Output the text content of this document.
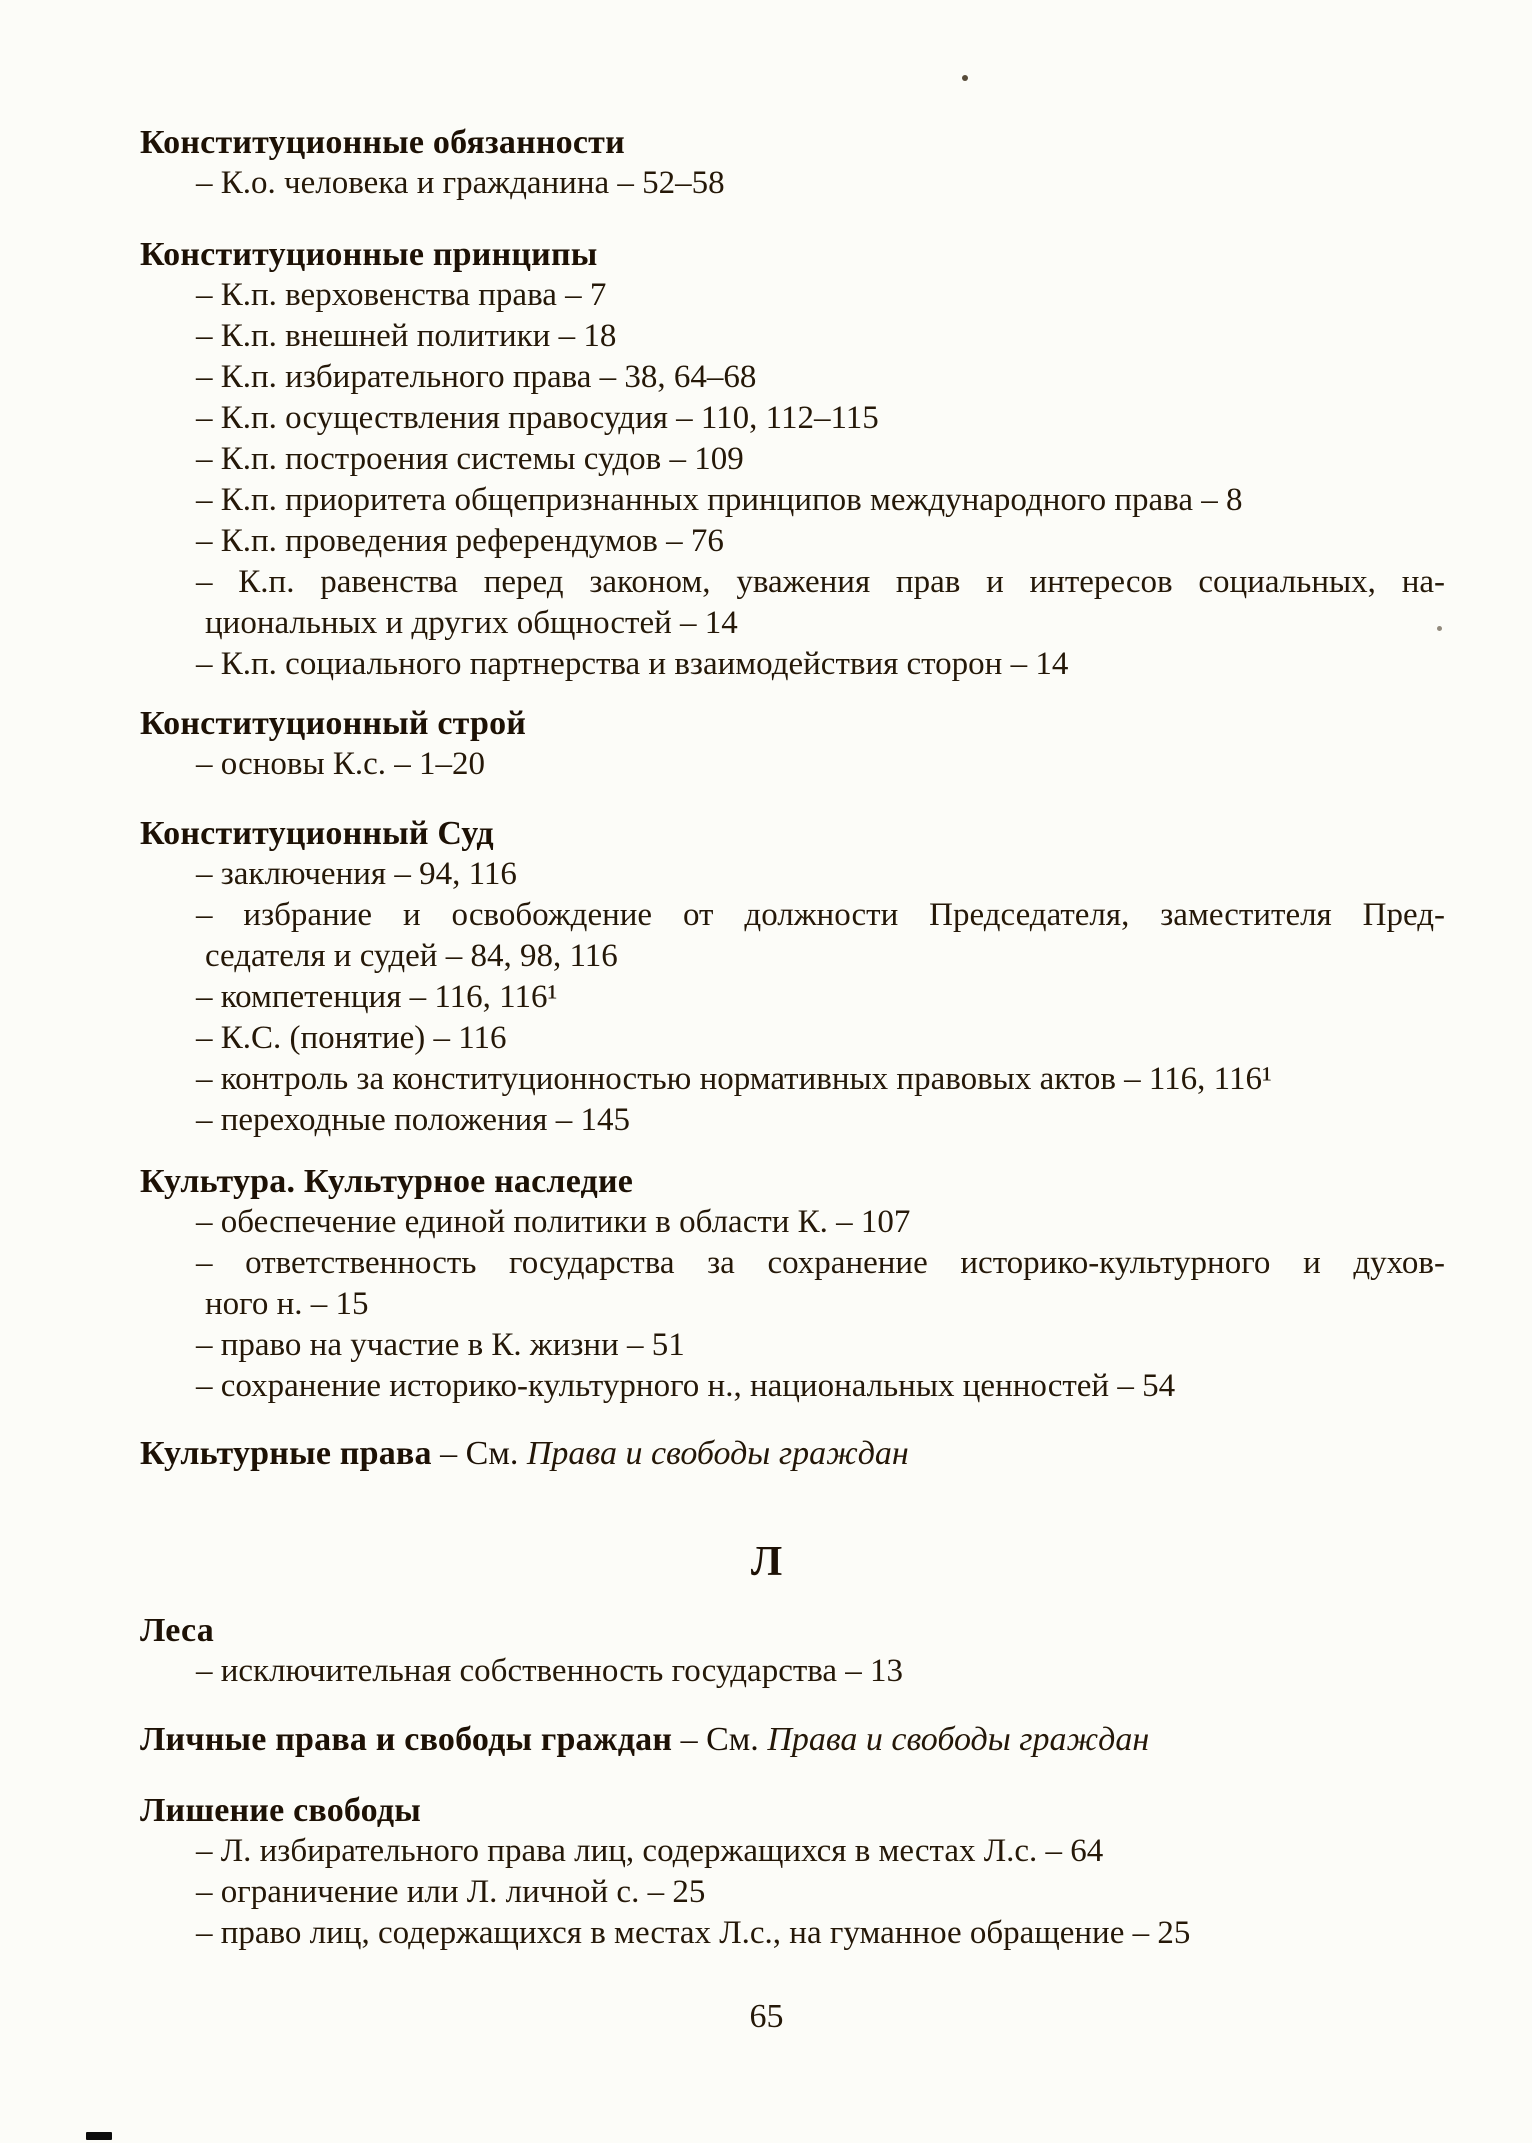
Конституционные обязанности
– К.о. человека и гражданина – 52–58
Конституционные принципы
– К.п. верховенства права – 7
– К.п. внешней политики – 18
– К.п. избирательного права – 38, 64–68
– К.п. осуществления правосудия – 110, 112–115
– К.п. построения системы судов – 109
– К.п. приоритета общепризнанных принципов международного права – 8
– К.п. проведения референдумов – 76
– К.п. равенства перед законом, уважения прав и интересов социальных, на-
циональных и других общностей – 14
– К.п. социального партнерства и взаимодействия сторон – 14
Конституционный строй
– основы К.с. – 1–20
Конституционный Суд
– заключения – 94, 116
– избрание и освобождение от должности Председателя, заместителя Пред-
седателя и судей – 84, 98, 116
– компетенция – 116, 116¹
– К.С. (понятие) – 116
– контроль за конституционностью нормативных правовых актов – 116, 116¹
– переходные положения – 145
Культура. Культурное наследие
– обеспечение единой политики в области К. – 107
– ответственность государства за сохранение историко-культурного и духов-
ного н. – 15
– право на участие в К. жизни – 51
– сохранение историко-культурного н., национальных ценностей – 54
Культурные права – См. Права и свободы граждан
Л
Леса
– исключительная собственность государства – 13
Личные права и свободы граждан – См. Права и свободы граждан
Лишение свободы
– Л. избирательного права лиц, содержащихся в местах Л.с. – 64
– ограничение или Л. личной с. – 25
– право лиц, содержащихся в местах Л.с., на гуманное обращение – 25
65
